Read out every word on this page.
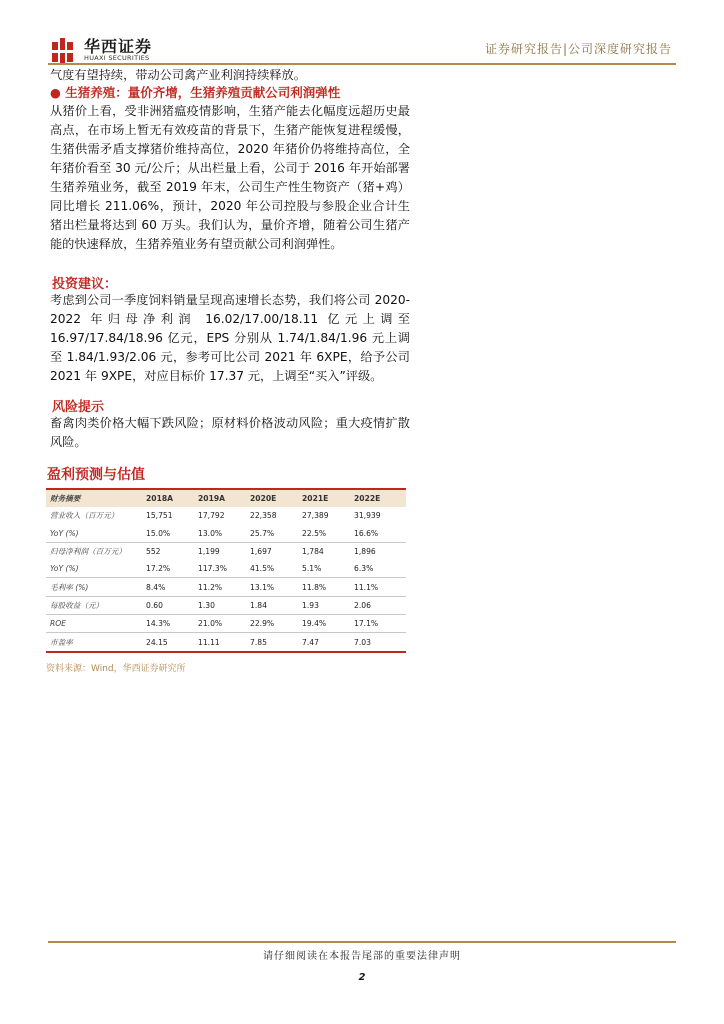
华西证券
HUAXI SECURITIES
证券研究报告|公司深度研究报告
气度有望持续，带动公司禽产业利润持续释放。
● 生猪养殖：量价齐增，生猪养殖贡献公司利润弹性
从猪价上看，受非洲猪瘟疫情影响，生猪产能去化幅度远超历史最高点，在市场上暂无有效疫苗的背景下，生猪产能恢复进程缓慢，生猪供需矛盾支撑猪价维持高位，2020 年猪价仍将维持高位，全年猪价看至 30 元/公斤；从出栏量上看，公司于 2016 年开始部署生猪养殖业务，截至 2019 年末，公司生产性生物资产（猪+鸡）同比增长 211.06%，预计，2020 年公司控股与参股企业合计生猪出栏量将达到 60 万头。我们认为，量价齐增，随着公司生猪产能的快速释放，生猪养殖业务有望贡献公司利润弹性。
投资建议：
考虑到公司一季度饲料销量呈现高速增长态势，我们将公司 2020-2022 年归母净利润 16.02/17.00/18.11 亿元上调至 16.97/17.84/18.96 亿元，EPS 分别从 1.74/1.84/1.96 元上调至 1.84/1.93/2.06 元，参考可比公司 2021 年 6XPE，给予公司 2021 年 9XPE，对应目标价 17.37 元，上调至“买入”评级。
风险提示
畜禽肉类价格大幅下跌风险；原材料价格波动风险；重大疫情扩散风险。
盈利预测与估值
财务摘要	2018A	2019A	2020E	2021E	2022E
营业收入（百万元）	15,751	17,792	22,358	27,389	31,939
YoY (%)	15.0%	13.0%	25.7%	22.5%	16.6%
归母净利润（百万元）	552	1,199	1,697	1,784	1,896
YoY (%)	17.2%	117.3%	41.5%	5.1%	6.3%
毛利率 (%)	8.4%	11.2%	13.1%	11.8%	11.1%
每股收益（元）	0.60	1.30	1.84	1.93	2.06
ROE	14.3%	21.0%	22.9%	19.4%	17.1%
市盈率	24.15	11.11	7.85	7.47	7.03
资料来源：Wind，华西证券研究所
请仔细阅读在本报告尾部的重要法律声明
2
